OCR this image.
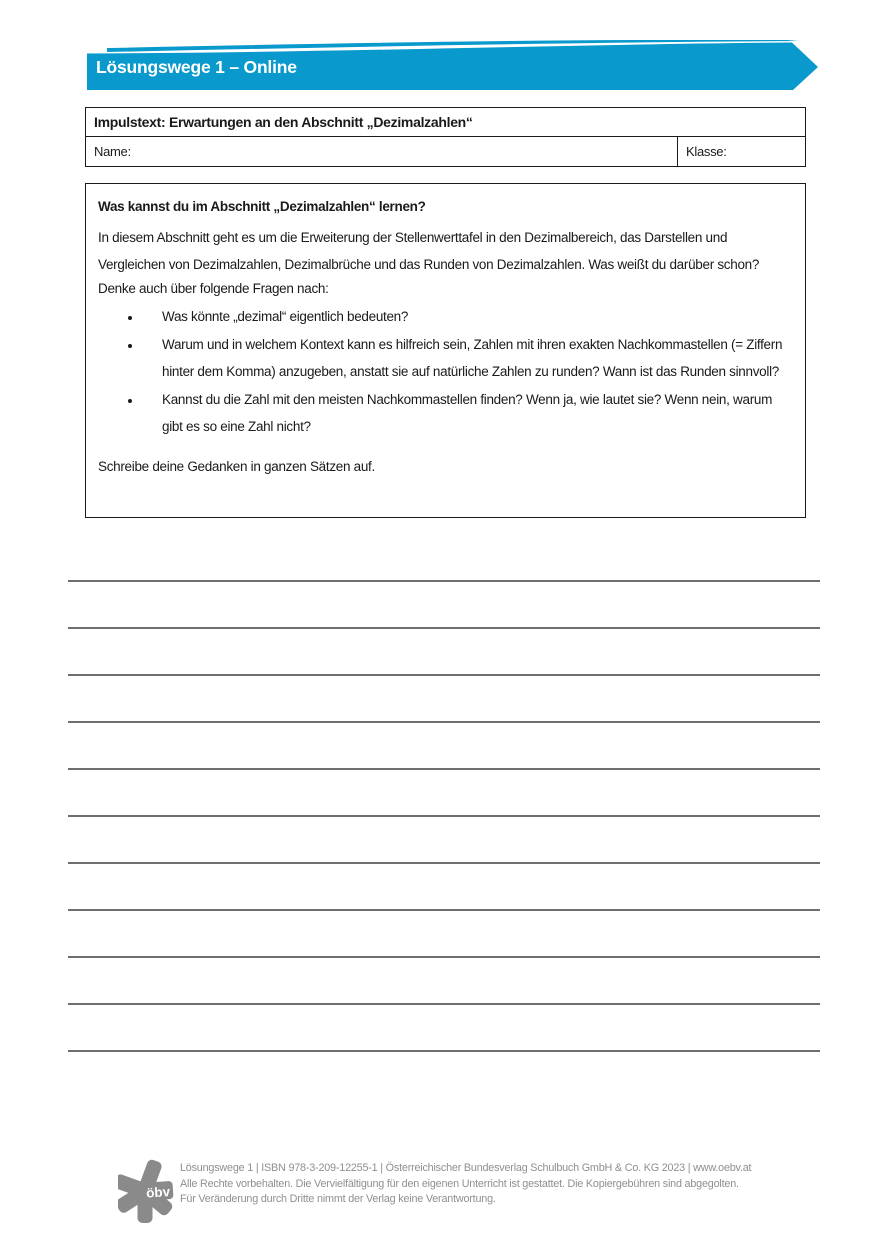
Lösungswege 1 – Online
Impulstext: Erwartungen an den Abschnitt „Dezimalzahlen“
Name:	Klasse:

Was kannst du im Abschnitt „Dezimalzahlen“ lernen?

In diesem Abschnitt geht es um die Erweiterung der Stellenwerttafel in den Dezimalbereich, das Darstellen und Vergleichen von Dezimalzahlen, Dezimalbrüche und das Runden von Dezimalzahlen. Was weißt du darüber schon?

Denke auch über folgende Fragen nach:

• Was könnte „dezimal“ eigentlich bedeuten?
• Warum und in welchem Kontext kann es hilfreich sein, Zahlen mit ihren exakten Nachkommastellen (= Ziffern hinter dem Komma) anzugeben, anstatt sie auf natürliche Zahlen zu runden? Wann ist das Runden sinnvoll?
• Kannst du die Zahl mit den meisten Nachkommastellen finden? Wenn ja, wie lautet sie? Wenn nein, warum gibt es so eine Zahl nicht?

Schreibe deine Gedanken in ganzen Sätzen auf.

öbv
Lösungswege 1 | ISBN 978-3-209-12255-1 | Österreichischer Bundesverlag Schulbuch GmbH & Co. KG 2023 | www.oebv.at
Alle Rechte vorbehalten. Die Vervielfältigung für den eigenen Unterricht ist gestattet. Die Kopiergebühren sind abgegolten.
Für Veränderung durch Dritte nimmt der Verlag keine Verantwortung.
